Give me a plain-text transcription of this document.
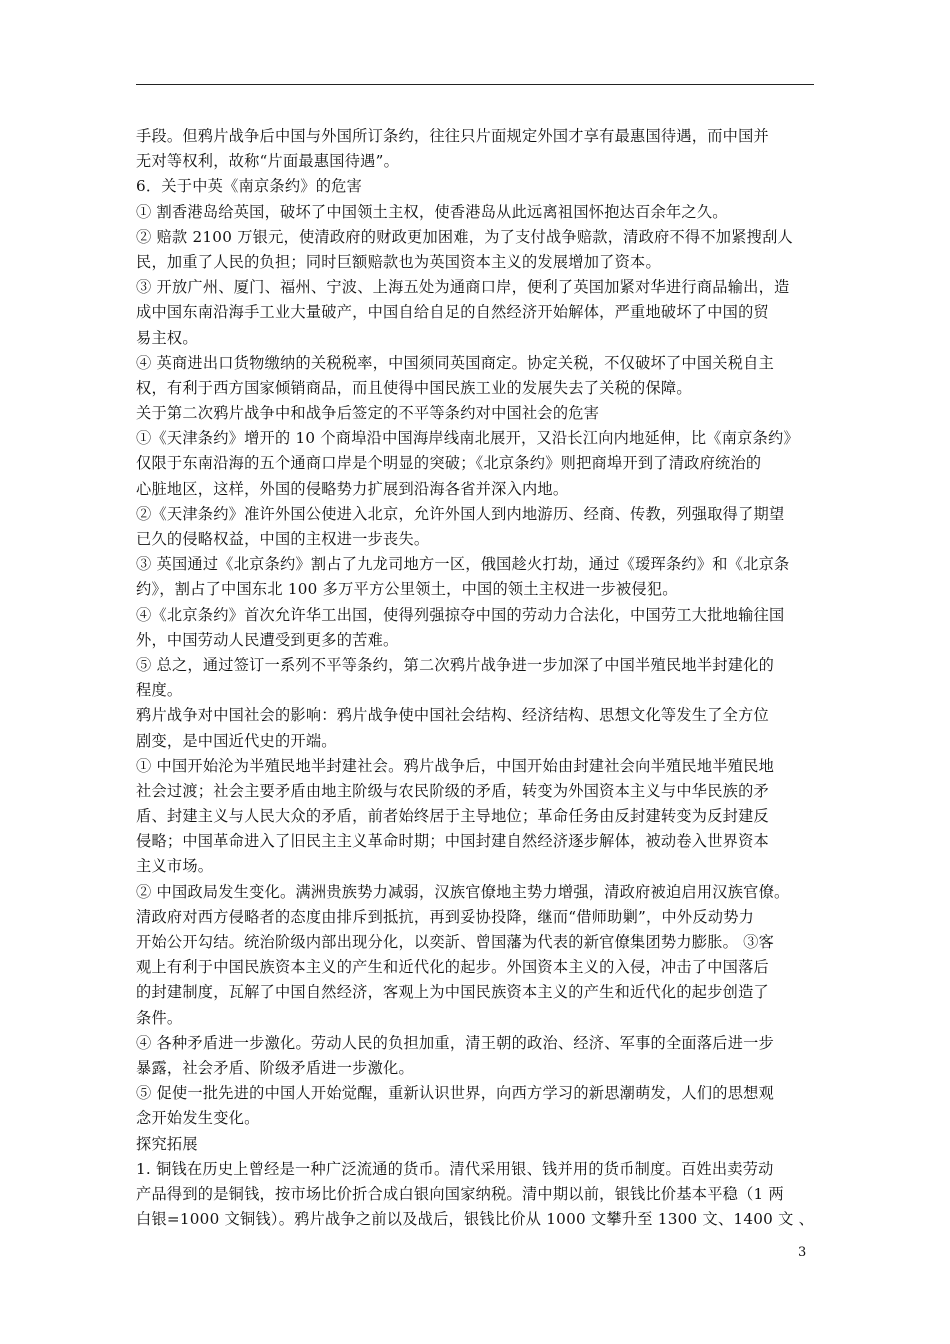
手段。但鸦片战争后中国与外国所订条约，往往只片面规定外国才享有最惠国待遇，而中国并
无对等权利，故称“片面最惠国待遇”。
6．关于中英《南京条约》的危害
① 割香港岛给英国，破坏了中国领土主权，使香港岛从此远离祖国怀抱达百余年之久。
② 赔款 2100 万银元，使清政府的财政更加困难，为了支付战争赔款，清政府不得不加紧搜刮人
民，加重了人民的负担；同时巨额赔款也为英国资本主义的发展增加了资本。
③ 开放广州、厦门、福州、宁波、上海五处为通商口岸，便利了英国加紧对华进行商品输出，造
成中国东南沿海手工业大量破产，中国自给自足的自然经济开始解体，严重地破坏了中国的贸
易主权。
④ 英商进出口货物缴纳的关税税率，中国须同英国商定。协定关税，不仅破坏了中国关税自主
权，有利于西方国家倾销商品，而且使得中国民族工业的发展失去了关税的保障。
关于第二次鸦片战争中和战争后签定的不平等条约对中国社会的危害
①《天津条约》增开的 10 个商埠沿中国海岸线南北展开，又沿长江向内地延伸，比《南京条约》
仅限于东南沿海的五个通商口岸是个明显的突破；《北京条约》则把商埠开到了清政府统治的
心脏地区，这样，外国的侵略势力扩展到沿海各省并深入内地。
②《天津条约》准许外国公使进入北京，允许外国人到内地游历、经商、传教，列强取得了期望
已久的侵略权益，中国的主权进一步丧失。
③ 英国通过《北京条约》割占了九龙司地方一区，俄国趁火打劫，通过《瑷珲条约》和《北京条
约》，割占了中国东北 100 多万平方公里领土，中国的领土主权进一步被侵犯。
④《北京条约》首次允许华工出国，使得列强掠夺中国的劳动力合法化，中国劳工大批地输往国
外，中国劳动人民遭受到更多的苦难。
⑤ 总之，通过签订一系列不平等条约，第二次鸦片战争进一步加深了中国半殖民地半封建化的
程度。
鸦片战争对中国社会的影响：鸦片战争使中国社会结构、经济结构、思想文化等发生了全方位
剧变，是中国近代史的开端。
① 中国开始沦为半殖民地半封建社会。鸦片战争后，中国开始由封建社会向半殖民地半殖民地
社会过渡；社会主要矛盾由地主阶级与农民阶级的矛盾，转变为外国资本主义与中华民族的矛
盾、封建主义与人民大众的矛盾，前者始终居于主导地位；革命任务由反封建转变为反封建反
侵略；中国革命进入了旧民主主义革命时期；中国封建自然经济逐步解体，被动卷入世界资本
主义市场。
② 中国政局发生变化。满洲贵族势力减弱，汉族官僚地主势力增强，清政府被迫启用汉族官僚。
清政府对西方侵略者的态度由排斥到抵抗，再到妥协投降，继而“借师助剿”，中外反动势力
开始公开勾结。统治阶级内部出现分化，以奕訢、曾国藩为代表的新官僚集团势力膨胀。 ③客
观上有利于中国民族资本主义的产生和近代化的起步。外国资本主义的入侵，冲击了中国落后
的封建制度，瓦解了中国自然经济，客观上为中国民族资本主义的产生和近代化的起步创造了
条件。
④ 各种矛盾进一步激化。劳动人民的负担加重，清王朝的政治、经济、军事的全面落后进一步
暴露，社会矛盾、阶级矛盾进一步激化。
⑤ 促使一批先进的中国人开始觉醒，重新认识世界，向西方学习的新思潮萌发，人们的思想观
念开始发生变化。
探究拓展
1. 铜钱在历史上曾经是一种广泛流通的货币。清代采用银、钱并用的货币制度。百姓出卖劳动
产品得到的是铜钱，按市场比价折合成白银向国家纳税。清中期以前，银钱比价基本平稳（1 两
白银=1000 文铜钱）。鸦片战争之前以及战后，银钱比价从 1000 文攀升至 1300 文、1400 文 、
3
